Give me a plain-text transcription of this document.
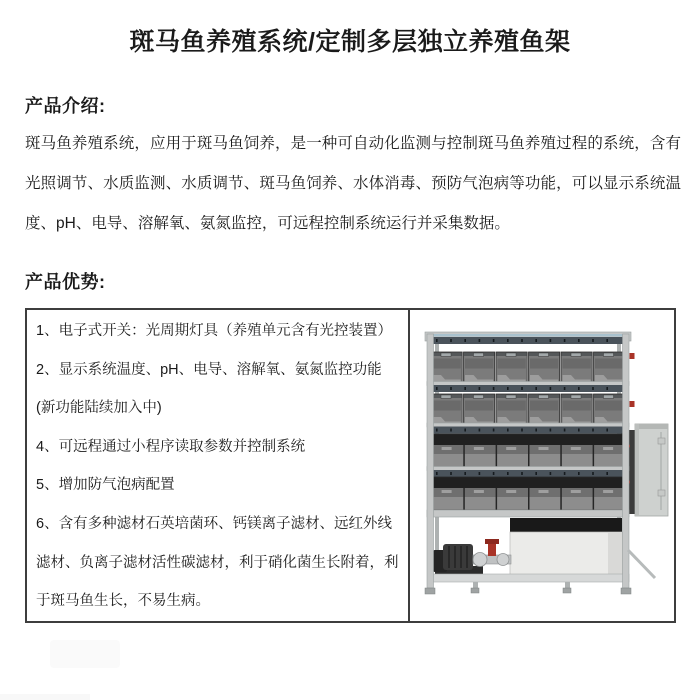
斑马鱼养殖系统/定制多层独立养殖鱼架
产品介绍:
斑马鱼养殖系统，应用于斑马鱼饲养，是一种可自动化监测与控制斑马鱼养殖过程的系统，含有光照调节、水质监测、水质调节、斑马鱼饲养、水体消毒、预防气泡病等功能，可以显示系统温度、pH、电导、溶解氧、氨氮监控，可远程控制系统运行并采集数据。
产品优势:
1、电子式开关：光周期灯具（养殖单元含有光控装置）
2、显示系统温度、pH、电导、溶解氧、氨氮监控功能(新功能陆续加入中)
4、可远程通过小程序读取参数并控制系统
5、增加防气泡病配置
6、含有多种滤材石英培菌环、钙镁离子滤材、远红外线滤材、负离子滤材活性碳滤材，利于硝化菌生长附着，利于斑马鱼生长，不易生病。
